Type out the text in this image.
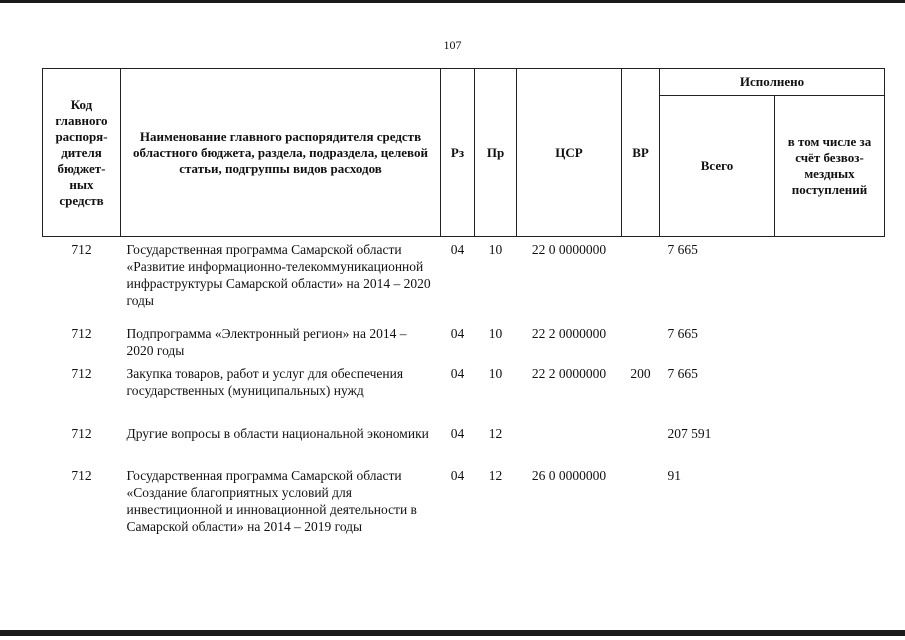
107
Код главного распоря-дителя бюджет-ных средств	Наименование главного распорядителя средств областного бюджета, раздела, подраздела, целевой статьи, подгруппы видов расходов	Рз	Пр	ЦСР	ВР	Исполнено	
						Всего	в том числе за счёт безвоз-мездных поступлений
712	Государственная программа Самарской области «Развитие информационно-телекоммуникационной инфраструктуры Самарской области» на 2014 – 2020 годы	04	10	22 0 0000000		7 665	
712	Подпрограмма «Электронный регион» на 2014 – 2020 годы	04	10	22 2 0000000		7 665	
712	Закупка товаров, работ и услуг для обеспечения государственных (муниципальных) нужд	04	10	22 2 0000000	200	7 665	
712	Другие вопросы в области национальной экономики	04	12			207 591	
712	Государственная программа Самарской области «Создание благоприятных условий для инвестиционной и инновационной деятельности в Самарской области» на 2014 – 2019 годы	04	12	26 0 0000000		91	
